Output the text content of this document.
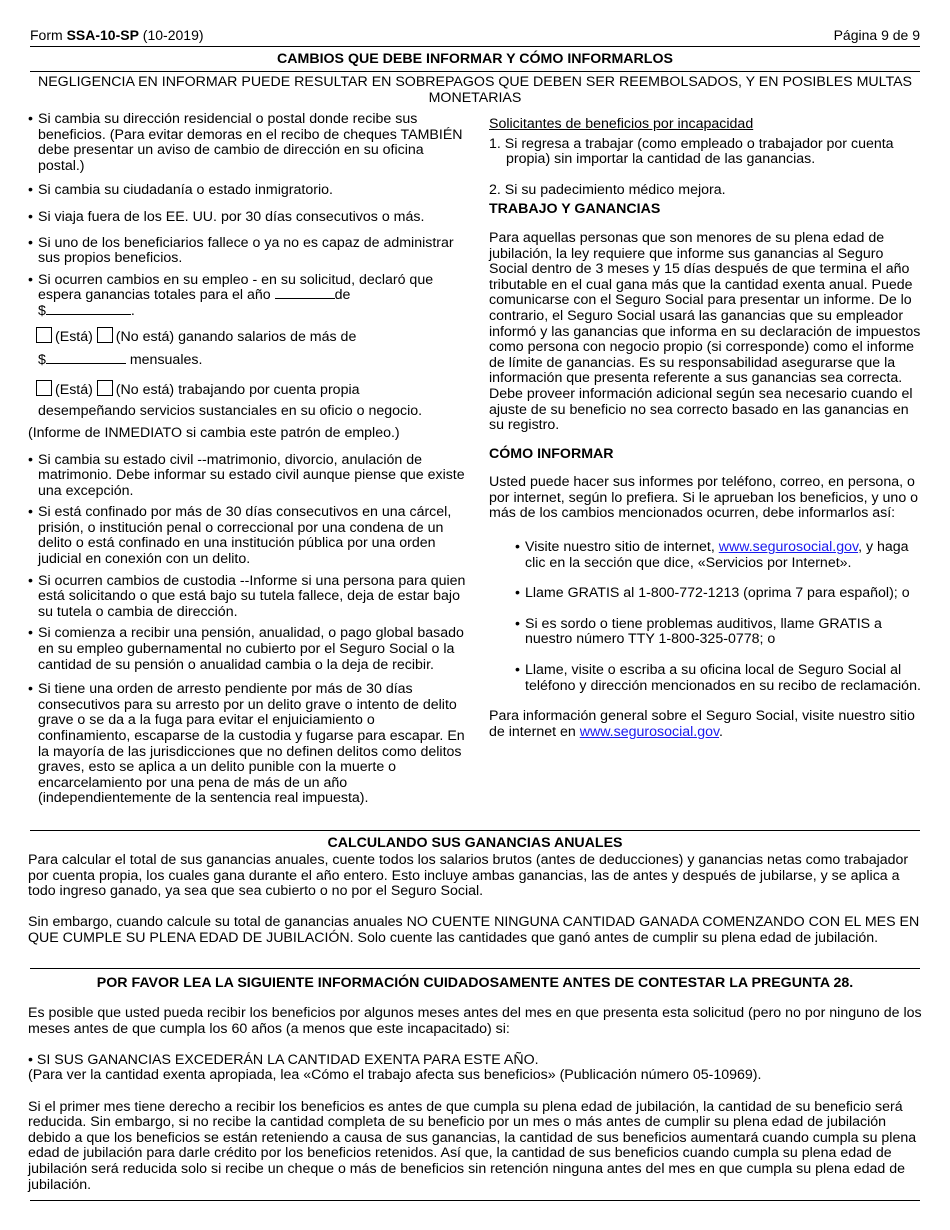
Form SSA-10-SP (10-2019)	Página 9 de 9
CAMBIOS QUE DEBE INFORMAR Y CÓMO INFORMARLOS
NEGLIGENCIA EN INFORMAR PUEDE RESULTAR EN SOBREPAGOS QUE DEBEN SER REEMBOLSADOS, Y EN POSIBLES MULTAS MONETARIAS

• Si cambia su dirección residencial o postal donde recibe sus beneficios. (Para evitar demoras en el recibo de cheques TAMBIÉN debe presentar un aviso de cambio de dirección en su oficina postal.)

• Si cambia su ciudadanía o estado inmigratorio.

• Si viaja fuera de los EE. UU. por 30 días consecutivos o más.

• Si uno de los beneficiarios fallece o ya no es capaz de administrar sus propios beneficios.

• Si ocurren cambios en su empleo - en su solicitud, declaró que espera ganancias totales para el año	de
$	.

(Está) (No está) ganando salarios de más de

$	mensuales.

(Está) (No está) trabajando por cuenta propia

desempeñando servicios sustanciales en su oficio o negocio.

(Informe de INMEDIATO si cambia este patrón de empleo.)

• Si cambia su estado civil --matrimonio, divorcio, anulación de matrimonio. Debe informar su estado civil aunque piense que existe una excepción.

• Si está confinado por más de 30 días consecutivos en una cárcel, prisión, o institución penal o correccional por una condena de un delito o está confinado en una institución pública por una orden judicial en conexión con un delito.

• Si ocurren cambios de custodia --Informe si una persona para quien está solicitando o que está bajo su tutela fallece, deja de estar bajo su tutela o cambia de dirección.

• Si comienza a recibir una pensión, anualidad, o pago global basado en su empleo gubernamental no cubierto por el Seguro Social o la cantidad de su pensión o anualidad cambia o la deja de recibir.

• Si tiene una orden de arresto pendiente por más de 30 días consecutivos para su arresto por un delito grave o intento de delito grave o se da a la fuga para evitar el enjuiciamiento o confinamiento, escaparse de la custodia y fugarse para escapar. En la mayoría de las jurisdicciones que no definen delitos como delitos graves, esto se aplica a un delito punible con la muerte o encarcelamiento por una pena de más de un año (independientemente de la sentencia real impuesta).

Solicitantes de beneficios por incapacidad

1. Si regresa a trabajar (como empleado o trabajador por cuenta propia) sin importar la cantidad de las ganancias.

2. Si su padecimiento médico mejora.

TRABAJO Y GANANCIAS

Para aquellas personas que son menores de su plena edad de jubilación, la ley requiere que informe sus ganancias al Seguro Social dentro de 3 meses y 15 días después de que termina el año tributable en el cual gana más que la cantidad exenta anual. Puede comunicarse con el Seguro Social para presentar un informe. De lo contrario, el Seguro Social usará las ganancias que su empleador informó y las ganancias que informa en su declaración de impuestos como persona con negocio propio (si corresponde) como el informe de límite de ganancias. Es su responsabilidad asegurarse que la información que presenta referente a sus ganancias sea correcta. Debe proveer información adicional según sea necesario cuando el ajuste de su beneficio no sea correcto basado en las ganancias en su registro.

CÓMO INFORMAR

Usted puede hacer sus informes por teléfono, correo, en persona, o por internet, según lo prefiera. Si le aprueban los beneficios, y uno o más de los cambios mencionados ocurren, debe informarlos así:

• Visite nuestro sitio de internet, www.segurosocial.gov, y haga clic en la sección que dice, «Servicios por Internet».

• Llame GRATIS al 1-800-772-1213 (oprima 7 para español); o

• Si es sordo o tiene problemas auditivos, llame GRATIS a nuestro número TTY 1-800-325-0778; o

• Llame, visite o escriba a su oficina local de Seguro Social al teléfono y dirección mencionados en su recibo de reclamación.

Para información general sobre el Seguro Social, visite nuestro sitio de internet en www.segurosocial.gov.

CALCULANDO SUS GANANCIAS ANUALES

Para calcular el total de sus ganancias anuales, cuente todos los salarios brutos (antes de deducciones) y ganancias netas como trabajador por cuenta propia, los cuales gana durante el año entero. Esto incluye ambas ganancias, las de antes y después de jubilarse, y se aplica a todo ingreso ganado, ya sea que sea cubierto o no por el Seguro Social.

Sin embargo, cuando calcule su total de ganancias anuales NO CUENTE NINGUNA CANTIDAD GANADA COMENZANDO CON EL MES EN QUE CUMPLE SU PLENA EDAD DE JUBILACIÓN. Solo cuente las cantidades que ganó antes de cumplir su plena edad de jubilación.

POR FAVOR LEA LA SIGUIENTE INFORMACIÓN CUIDADOSAMENTE ANTES DE CONTESTAR LA PREGUNTA 28.

Es posible que usted pueda recibir los beneficios por algunos meses antes del mes en que presenta esta solicitud (pero no por ninguno de los meses antes de que cumpla los 60 años (a menos que este incapacitado) si:

• SI SUS GANANCIAS EXCEDERÁN LA CANTIDAD EXENTA PARA ESTE AÑO.

(Para ver la cantidad exenta apropiada, lea «Cómo el trabajo afecta sus beneficios» (Publicación número 05-10969).

Si el primer mes tiene derecho a recibir los beneficios es antes de que cumpla su plena edad de jubilación, la cantidad de su beneficio será reducida. Sin embargo, si no recibe la cantidad completa de su beneficio por un mes o más antes de cumplir su plena edad de jubilación debido a que los beneficios se están reteniendo a causa de sus ganancias, la cantidad de sus beneficios aumentará cuando cumpla su plena edad de jubilación para darle crédito por los beneficios retenidos. Así que, la cantidad de sus beneficios cuando cumpla su plena edad de jubilación será reducida solo si recibe un cheque o más de beneficios sin retención ninguna antes del mes en que cumpla su plena edad de jubilación.
